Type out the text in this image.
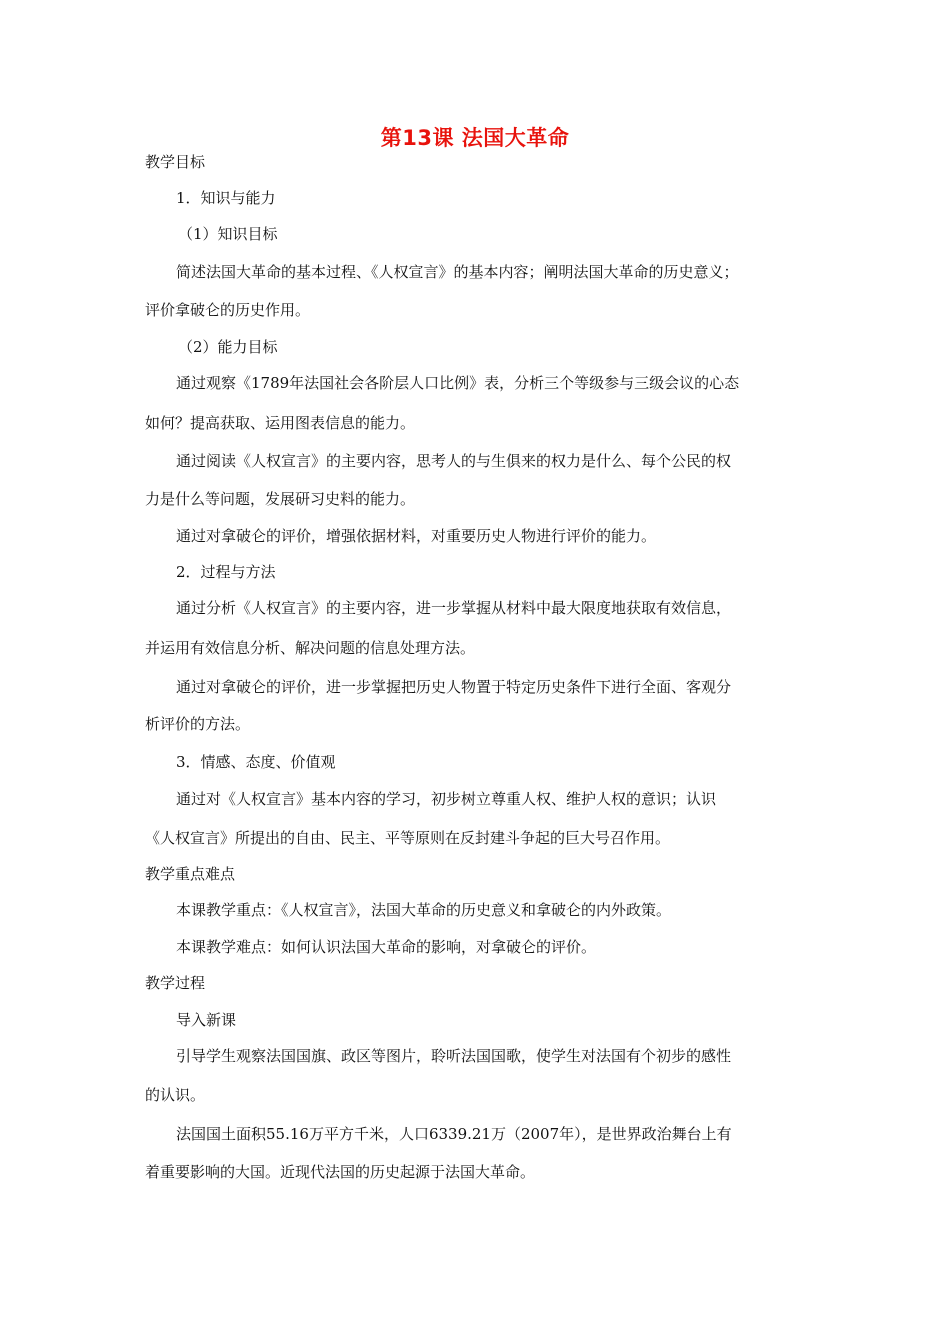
第13课 法国大革命
教学目标
1．知识与能力
（1）知识目标
简述法国大革命的基本过程、《人权宣言》的基本内容；阐明法国大革命的历史意义；
评价拿破仑的历史作用。
（2）能力目标
通过观察《1789年法国社会各阶层人口比例》表，分析三个等级参与三级会议的心态
如何？提高获取、运用图表信息的能力。
通过阅读《人权宣言》的主要内容，思考人的与生俱来的权力是什么、每个公民的权
力是什么等问题，发展研习史料的能力。
通过对拿破仑的评价，增强依据材料，对重要历史人物进行评价的能力。
2．过程与方法
通过分析《人权宣言》的主要内容，进一步掌握从材料中最大限度地获取有效信息，
并运用有效信息分析、解决问题的信息处理方法。
通过对拿破仑的评价，进一步掌握把历史人物置于特定历史条件下进行全面、客观分
析评价的方法。
3．情感、态度、价值观
通过对《人权宣言》基本内容的学习，初步树立尊重人权、维护人权的意识；认识
《人权宣言》所提出的自由、民主、平等原则在反封建斗争起的巨大号召作用。
教学重点难点
本课教学重点：《人权宣言》，法国大革命的历史意义和拿破仑的内外政策。
本课教学难点：如何认识法国大革命的影响，对拿破仑的评价。
教学过程
导入新课
引导学生观察法国国旗、政区等图片，聆听法国国歌，使学生对法国有个初步的感性
的认识。
法国国土面积55.16万平方千米，人口6339.21万（2007年），是世界政治舞台上有
着重要影响的大国。近现代法国的历史起源于法国大革命。
